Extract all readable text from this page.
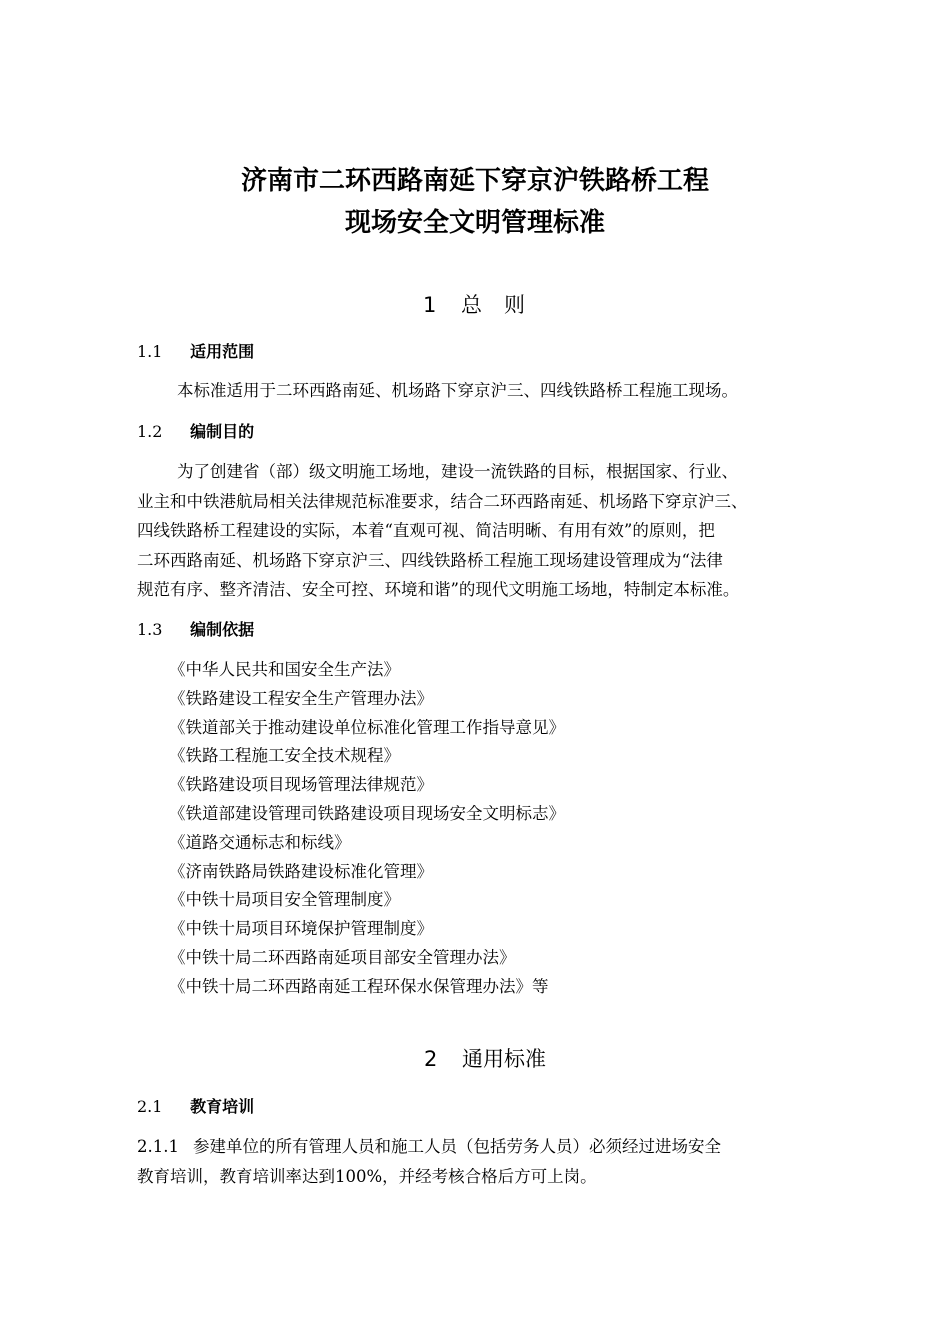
济南市二环西路南延下穿京沪铁路桥工程
现场安全文明管理标准
1 总则
1.1 适用范围
本标准适用于二环西路南延、机场路下穿京沪三、四线铁路桥工程施工现场。
1.2 编制目的
为了创建省（部）级文明施工场地，建设一流铁路的目标，根据国家、行业、
业主和中铁港航局相关法律规范标准要求，结合二环西路南延、机场路下穿京沪三、
四线铁路桥工程建设的实际，本着“直观可视、简洁明晰、有用有效”的原则，把
二环西路南延、机场路下穿京沪三、四线铁路桥工程施工现场建设管理成为“法律
规范有序、整齐清洁、安全可控、环境和谐”的现代文明施工场地，特制定本标准。
1.3 编制依据
《中华人民共和国安全生产法》
《铁路建设工程安全生产管理办法》
《铁道部关于推动建设单位标准化管理工作指导意见》
《铁路工程施工安全技术规程》
《铁路建设项目现场管理法律规范》
《铁道部建设管理司铁路建设项目现场安全文明标志》
《道路交通标志和标线》
《济南铁路局铁路建设标准化管理》
《中铁十局项目安全管理制度》
《中铁十局项目环境保护管理制度》
《中铁十局二环西路南延项目部安全管理办法》
《中铁十局二环西路南延工程环保水保管理办法》等
2 通用标准
2.1 教育培训
2.1.1 参建单位的所有管理人员和施工人员（包括劳务人员）必须经过进场安全
教育培训，教育培训率达到100%，并经考核合格后方可上岗。
